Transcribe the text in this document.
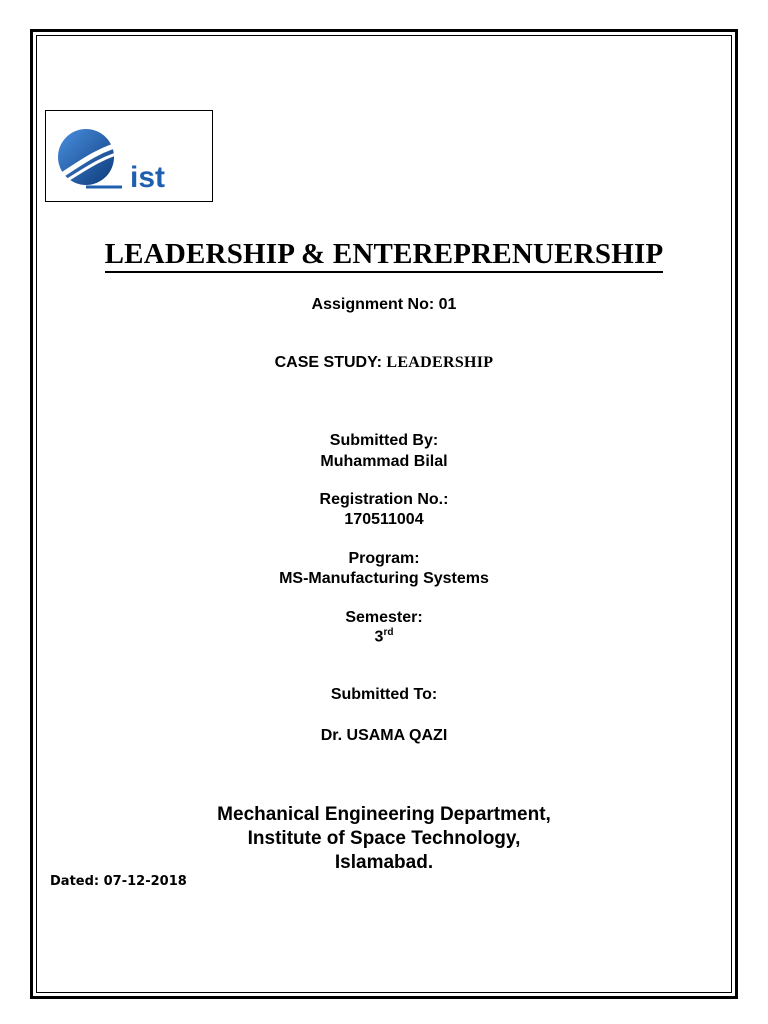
ist
LEADERSHIP & ENTEREPRENUERSHIP
Assignment No: 01
CASE STUDY: LEADERSHIP
Submitted By:
Muhammad Bilal
Registration No.:
170511004
Program:
MS-Manufacturing Systems
Semester:
3rd
Submitted To:
Dr. USAMA QAZI
Mechanical Engineering Department,
Institute of Space Technology,
Islamabad.
Dated: 07-12-2018
